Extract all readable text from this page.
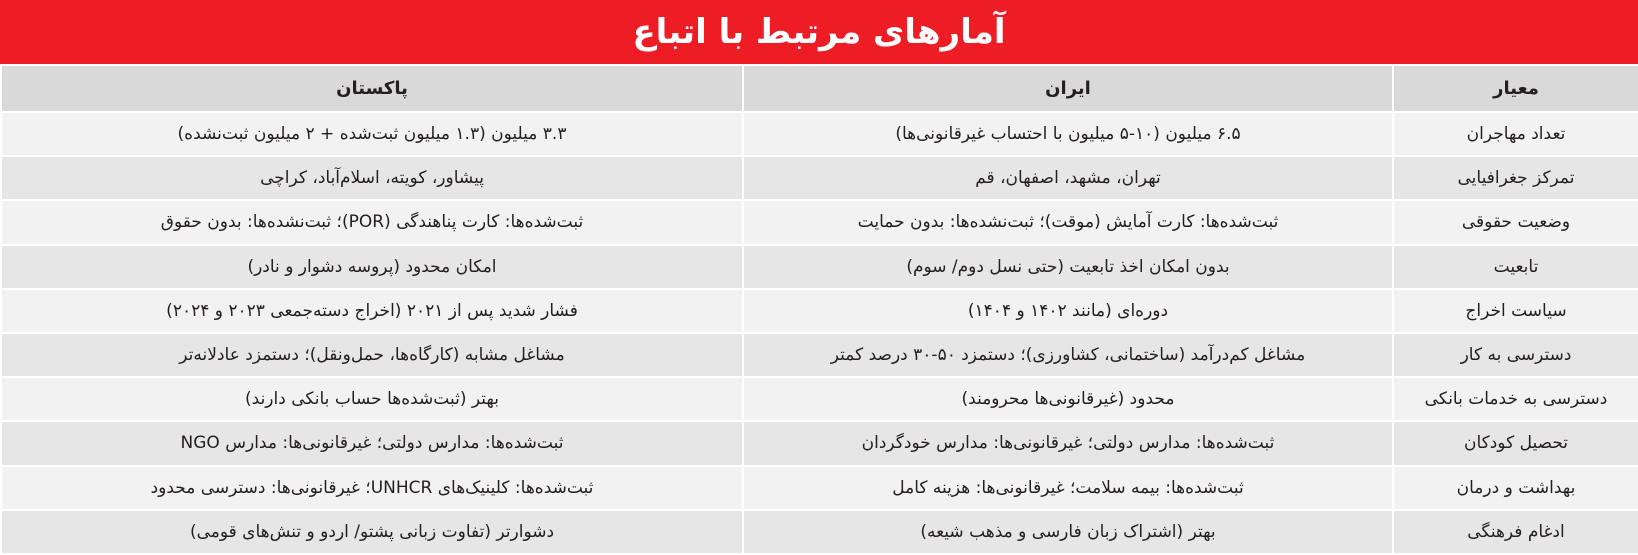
آمارهای مرتبط با اتباع
معیار	ایران	پاکستان
تعداد مهاجران	۶.۵ میلیون (۱۰-۵ میلیون با احتساب غیرقانونی‌ها)	۳.۳ میلیون (۱.۳ میلیون ثبت‌شده + ۲ میلیون ثبت‌نشده)
تمرکز جغرافیایی	تهران، مشهد، اصفهان، قم	پیشاور، کویته، اسلام‌آباد، کراچی
وضعیت حقوقی	ثبت‌شده‌ها: کارت آمایش (موقت)؛ ثبت‌نشده‌ها: بدون حمایت	ثبت‌شده‌ها: کارت پناهندگی (POR)؛ ثبت‌نشده‌ها: بدون حقوق
تابعیت	بدون امکان اخذ تابعیت (حتی نسل دوم/ سوم)	امکان محدود (پروسه دشوار و نادر)
سیاست اخراج	دوره‌ای (مانند ۱۴۰۲ و ۱۴۰۴)	فشار شدید پس از ۲۰۲۱ (اخراج دسته‌جمعی ۲۰۲۳ و ۲۰۲۴)
دسترسی به کار	مشاغل کم‌درآمد (ساختمانی، کشاورزی)؛ دستمزد ۵۰-۳۰ درصد کمتر	مشاغل مشابه (کارگاه‌ها، حمل‌ونقل)؛ دستمزد عادلانه‌تر
دسترسی به خدمات بانکی	محدود (غیرقانونی‌ها محرومند)	بهتر (ثبت‌شده‌ها حساب بانکی دارند)
تحصیل کودکان	ثبت‌شده‌ها: مدارس دولتی؛ غیرقانونی‌ها: مدارس خودگردان	ثبت‌شده‌ها: مدارس دولتی؛ غیرقانونی‌ها: مدارس NGO
بهداشت و درمان	ثبت‌شده‌ها: بیمه سلامت؛ غیرقانونی‌ها: هزینه کامل	ثبت‌شده‌ها: کلینیک‌های UNHCR؛ غیرقانونی‌ها: دسترسی محدود
ادغام فرهنگی	بهتر (اشتراک زبان فارسی و مذهب شیعه)	دشوارتر (تفاوت زبانی پشتو/ اردو و تنش‌های قومی)
